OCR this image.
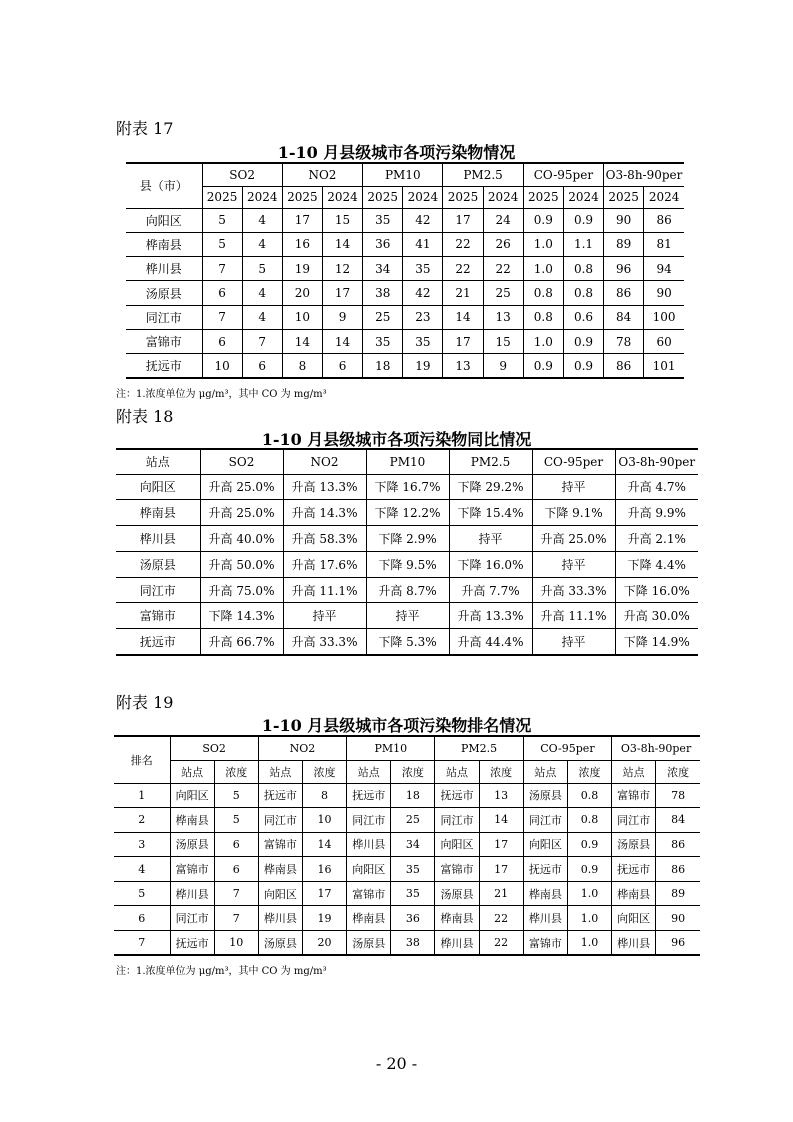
附表 17
1-10 月县级城市各项污染物情况
县（市）	SO2		NO2		PM10		PM2.5		CO-95per		O3-8h-90per	
	2025	2024	2025	2024	2025	2024	2025	2024	2025	2024	2025	2024
向阳区	5	4	17	15	35	42	17	24	0.9	0.9	90	86
桦南县	5	4	16	14	36	41	22	26	1.0	1.1	89	81
桦川县	7	5	19	12	34	35	22	22	1.0	0.8	96	94
汤原县	6	4	20	17	38	42	21	25	0.8	0.8	86	90
同江市	7	4	10	9	25	23	14	13	0.8	0.6	84	100
富锦市	6	7	14	14	35	35	17	15	1.0	0.9	78	60
抚远市	10	6	8	6	18	19	13	9	0.9	0.9	86	101
注：1.浓度单位为 μg/m³，其中 CO 为 mg/m³
附表 18
1-10 月县级城市各项污染物同比情况
站点	SO2	NO2	PM10	PM2.5	CO-95per	O3-8h-90per
向阳区	升高 25.0%	升高 13.3%	下降 16.7%	下降 29.2%	持平	升高 4.7%
桦南县	升高 25.0%	升高 14.3%	下降 12.2%	下降 15.4%	下降 9.1%	升高 9.9%
桦川县	升高 40.0%	升高 58.3%	下降 2.9%	持平	升高 25.0%	升高 2.1%
汤原县	升高 50.0%	升高 17.6%	下降 9.5%	下降 16.0%	持平	下降 4.4%
同江市	升高 75.0%	升高 11.1%	升高 8.7%	升高 7.7%	升高 33.3%	下降 16.0%
富锦市	下降 14.3%	持平	持平	升高 13.3%	升高 11.1%	升高 30.0%
抚远市	升高 66.7%	升高 33.3%	下降 5.3%	升高 44.4%	持平	下降 14.9%
附表 19
1-10 月县级城市各项污染物排名情况
排名	SO2		NO2		PM10		PM2.5		CO-95per		O3-8h-90per	
	站点	浓度	站点	浓度	站点	浓度	站点	浓度	站点	浓度	站点	浓度
1	向阳区	5	抚远市	8	抚远市	18	抚远市	13	汤原县	0.8	富锦市	78
2	桦南县	5	同江市	10	同江市	25	同江市	14	同江市	0.8	同江市	84
3	汤原县	6	富锦市	14	桦川县	34	向阳区	17	向阳区	0.9	汤原县	86
4	富锦市	6	桦南县	16	向阳区	35	富锦市	17	抚远市	0.9	抚远市	86
5	桦川县	7	向阳区	17	富锦市	35	汤原县	21	桦南县	1.0	桦南县	89
6	同江市	7	桦川县	19	桦南县	36	桦南县	22	桦川县	1.0	向阳区	90
7	抚远市	10	汤原县	20	汤原县	38	桦川县	22	富锦市	1.0	桦川县	96
注：1.浓度单位为 μg/m³，其中 CO 为 mg/m³
- 20 -
